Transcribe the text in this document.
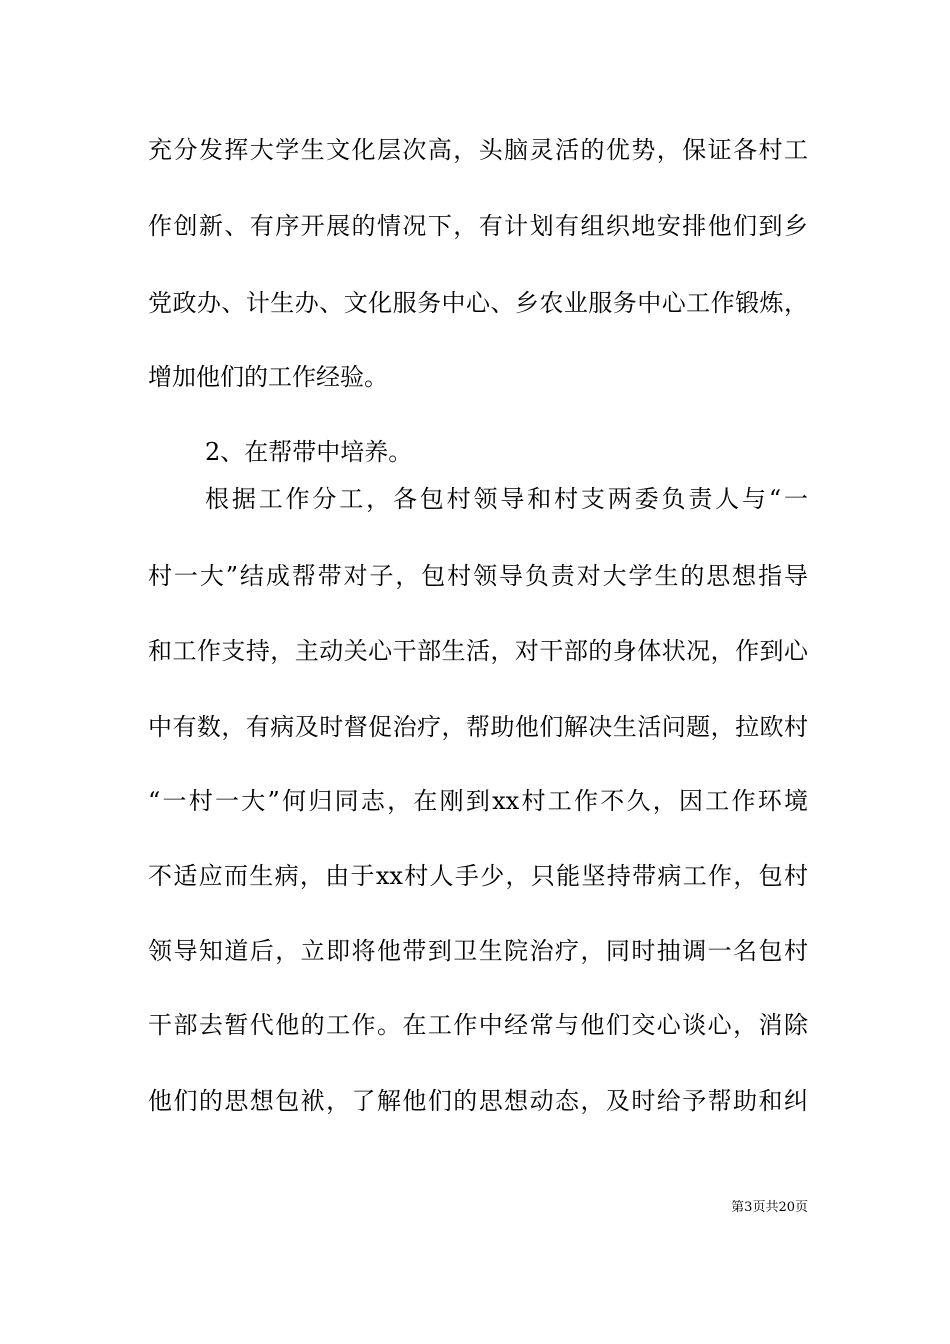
充分发挥大学生文化层次高，头脑灵活的优势，保证各村工
作创新、有序开展的情况下，有计划有组织地安排他们到乡
党政办、计生办、文化服务中心、乡农业服务中心工作锻炼，
增加他们的工作经验。
2、在帮带中培养。
根据工作分工，各包村领导和村支两委负责人与“一
村一大”结成帮带对子，包村领导负责对大学生的思想指导
和工作支持，主动关心干部生活，对干部的身体状况，作到心
中有数，有病及时督促治疗，帮助他们解决生活问题，拉欧村
“一村一大”何归同志，在刚到xx村工作不久，因工作环境
不适应而生病，由于xx村人手少，只能坚持带病工作，包村
领导知道后，立即将他带到卫生院治疗，同时抽调一名包村
干部去暂代他的工作。在工作中经常与他们交心谈心，消除
他们的思想包袱，了解他们的思想动态，及时给予帮助和纠
第3页共20页
